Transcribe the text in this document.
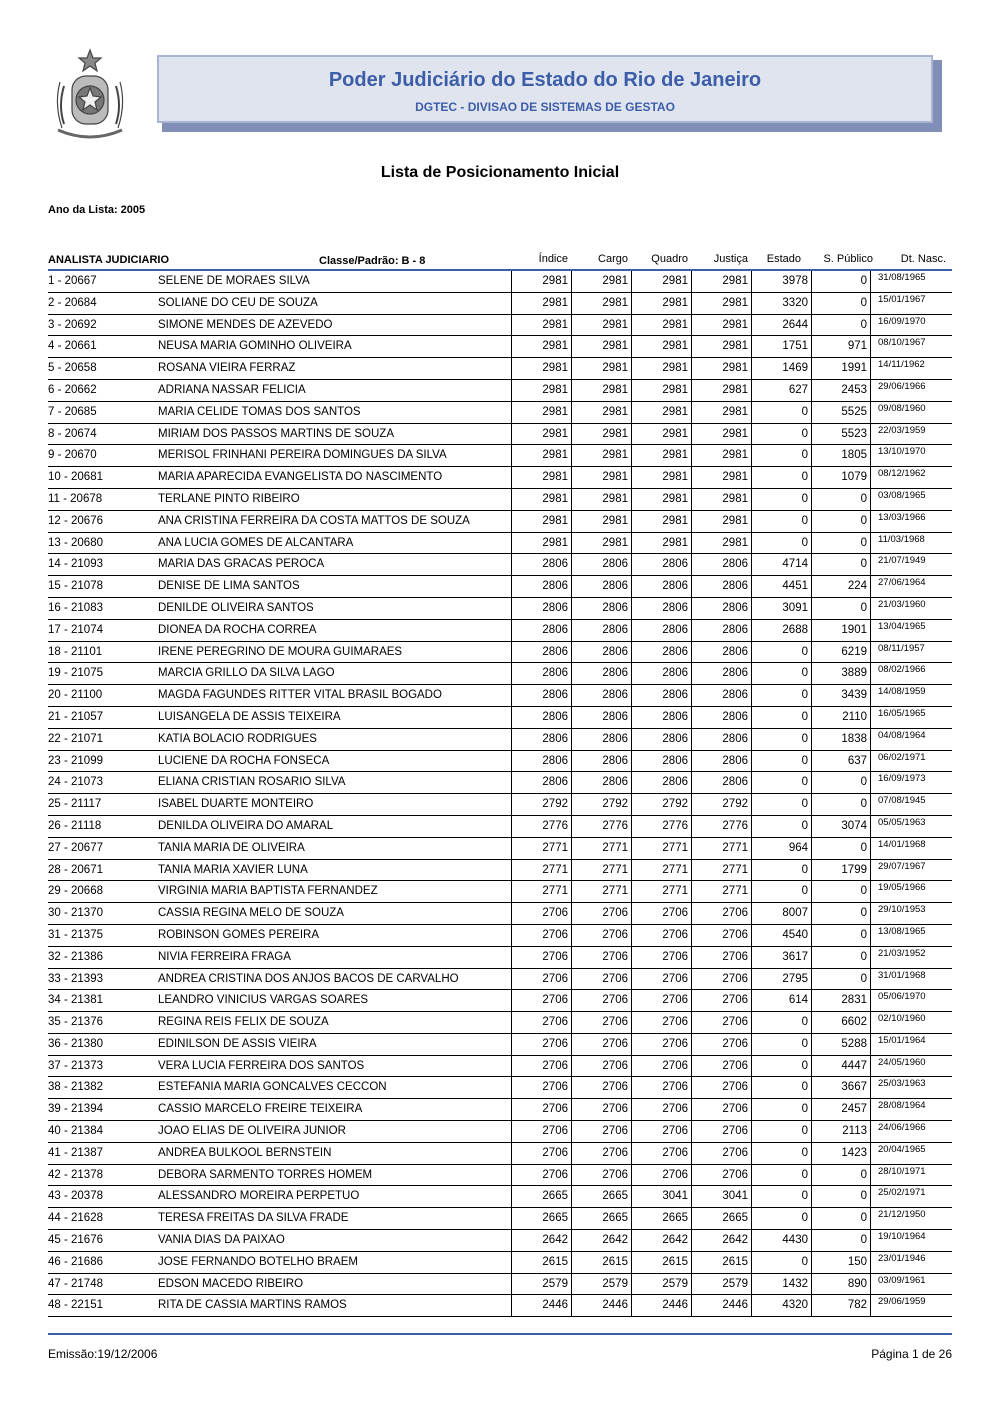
Poder Judiciário do Estado do Rio de Janeiro
DGTEC - DIVISAO DE SISTEMAS DE GESTAO
Lista de Posicionamento Inicial
Ano da Lista: 2005
ANALISTA JUDICIARIO	Classe/Padrão: B - 8	Índice	Cargo	Quadro	Justiça	Estado	S. Público	Dt. Nasc.
1 - 20667	SELENE DE MORAES SILVA	2981	2981	2981	2981	3978	0	31/08/1965
2 - 20684	SOLIANE DO CEU DE SOUZA	2981	2981	2981	2981	3320	0	15/01/1967
3 - 20692	SIMONE MENDES DE AZEVEDO	2981	2981	2981	2981	2644	0	16/09/1970
4 - 20661	NEUSA MARIA GOMINHO OLIVEIRA	2981	2981	2981	2981	1751	971	08/10/1967
5 - 20658	ROSANA VIEIRA FERRAZ	2981	2981	2981	2981	1469	1991	14/11/1962
6 - 20662	ADRIANA NASSAR FELICIA	2981	2981	2981	2981	627	2453	29/06/1966
7 - 20685	MARIA CELIDE TOMAS DOS SANTOS	2981	2981	2981	2981	0	5525	09/08/1960
8 - 20674	MIRIAM DOS PASSOS MARTINS DE SOUZA	2981	2981	2981	2981	0	5523	22/03/1959
9 - 20670	MERISOL FRINHANI PEREIRA DOMINGUES DA SILVA	2981	2981	2981	2981	0	1805	13/10/1970
10 - 20681	MARIA APARECIDA EVANGELISTA DO NASCIMENTO	2981	2981	2981	2981	0	1079	08/12/1962
11 - 20678	TERLANE PINTO RIBEIRO	2981	2981	2981	2981	0	0	03/08/1965
12 - 20676	ANA CRISTINA FERREIRA DA COSTA MATTOS DE SOUZA	2981	2981	2981	2981	0	0	13/03/1966
13 - 20680	ANA LUCIA GOMES DE ALCANTARA	2981	2981	2981	2981	0	0	11/03/1968
14 - 21093	MARIA DAS GRACAS PEROCA	2806	2806	2806	2806	4714	0	21/07/1949
15 - 21078	DENISE DE LIMA SANTOS	2806	2806	2806	2806	4451	224	27/06/1964
16 - 21083	DENILDE OLIVEIRA SANTOS	2806	2806	2806	2806	3091	0	21/03/1960
17 - 21074	DIONEA DA ROCHA CORREA	2806	2806	2806	2806	2688	1901	13/04/1965
18 - 21101	IRENE PEREGRINO DE MOURA GUIMARAES	2806	2806	2806	2806	0	6219	08/11/1957
19 - 21075	MARCIA GRILLO DA SILVA LAGO	2806	2806	2806	2806	0	3889	08/02/1966
20 - 21100	MAGDA FAGUNDES RITTER VITAL BRASIL BOGADO	2806	2806	2806	2806	0	3439	14/08/1959
21 - 21057	LUISANGELA DE ASSIS TEIXEIRA	2806	2806	2806	2806	0	2110	16/05/1965
22 - 21071	KATIA BOLACIO RODRIGUES	2806	2806	2806	2806	0	1838	04/08/1964
23 - 21099	LUCIENE DA ROCHA FONSECA	2806	2806	2806	2806	0	637	06/02/1971
24 - 21073	ELIANA CRISTIAN ROSARIO SILVA	2806	2806	2806	2806	0	0	16/09/1973
25 - 21117	ISABEL DUARTE MONTEIRO	2792	2792	2792	2792	0	0	07/08/1945
26 - 21118	DENILDA OLIVEIRA DO AMARAL	2776	2776	2776	2776	0	3074	05/05/1963
27 - 20677	TANIA MARIA DE OLIVEIRA	2771	2771	2771	2771	964	0	14/01/1968
28 - 20671	TANIA MARIA XAVIER LUNA	2771	2771	2771	2771	0	1799	29/07/1967
29 - 20668	VIRGINIA MARIA BAPTISTA FERNANDEZ	2771	2771	2771	2771	0	0	19/05/1966
30 - 21370	CASSIA REGINA MELO DE SOUZA	2706	2706	2706	2706	8007	0	29/10/1953
31 - 21375	ROBINSON GOMES PEREIRA	2706	2706	2706	2706	4540	0	13/08/1965
32 - 21386	NIVIA FERREIRA FRAGA	2706	2706	2706	2706	3617	0	21/03/1952
33 - 21393	ANDREA CRISTINA DOS ANJOS BACOS DE CARVALHO	2706	2706	2706	2706	2795	0	31/01/1968
34 - 21381	LEANDRO VINICIUS VARGAS SOARES	2706	2706	2706	2706	614	2831	05/06/1970
35 - 21376	REGINA REIS FELIX DE SOUZA	2706	2706	2706	2706	0	6602	02/10/1960
36 - 21380	EDINILSON DE ASSIS VIEIRA	2706	2706	2706	2706	0	5288	15/01/1964
37 - 21373	VERA LUCIA FERREIRA DOS SANTOS	2706	2706	2706	2706	0	4447	24/05/1960
38 - 21382	ESTEFANIA MARIA GONCALVES CECCON	2706	2706	2706	2706	0	3667	25/03/1963
39 - 21394	CASSIO MARCELO FREIRE TEIXEIRA	2706	2706	2706	2706	0	2457	28/08/1964
40 - 21384	JOAO ELIAS DE OLIVEIRA JUNIOR	2706	2706	2706	2706	0	2113	24/06/1966
41 - 21387	ANDREA BULKOOL BERNSTEIN	2706	2706	2706	2706	0	1423	20/04/1965
42 - 21378	DEBORA SARMENTO TORRES HOMEM	2706	2706	2706	2706	0	0	28/10/1971
43 - 20378	ALESSANDRO MOREIRA PERPETUO	2665	2665	3041	3041	0	0	25/02/1971
44 - 21628	TERESA FREITAS DA SILVA FRADE	2665	2665	2665	2665	0	0	21/12/1950
45 - 21676	VANIA DIAS DA PAIXAO	2642	2642	2642	2642	4430	0	19/10/1964
46 - 21686	JOSE FERNANDO BOTELHO BRAEM	2615	2615	2615	2615	0	150	23/01/1946
47 - 21748	EDSON MACEDO RIBEIRO	2579	2579	2579	2579	1432	890	03/09/1961
48 - 22151	RITA DE CASSIA MARTINS RAMOS	2446	2446	2446	2446	4320	782	29/06/1959
Emissão:19/12/2006	Página 1 de 26
